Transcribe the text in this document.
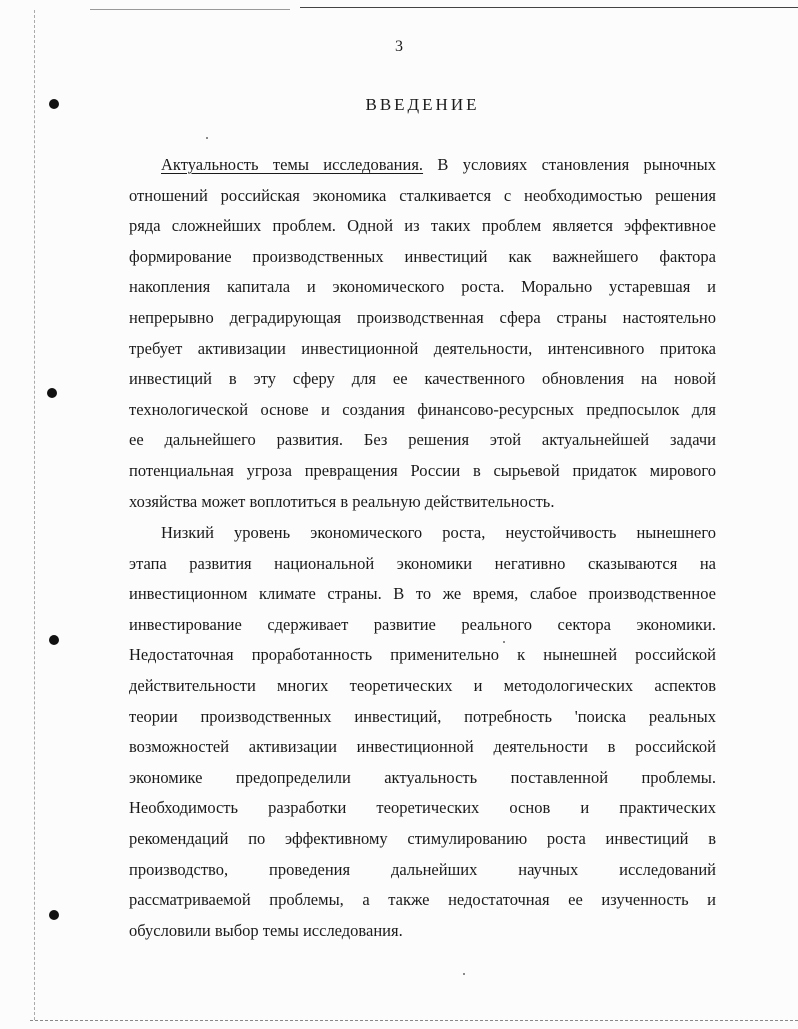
3
ВВЕДЕНИЕ
Актуальность темы исследования. В условиях становления рыночных
отношений российская экономика сталкивается с необходимостью решения
ряда сложнейших проблем. Одной из таких проблем является эффективное
формирование производственных инвестиций как важнейшего фактора
накопления капитала и экономического роста. Морально устаревшая и
непрерывно деградирующая производственная сфера страны настоятельно
требует активизации инвестиционной деятельности, интенсивного притока
инвестиций в эту сферу для ее качественного обновления на новой
технологической основе и создания финансово-ресурсных предпосылок для
ее дальнейшего развития. Без решения этой актуальнейшей задачи
потенциальная угроза превращения России в сырьевой придаток мирового
хозяйства может воплотиться в реальную действительность.
Низкий уровень экономического роста, неустойчивость нынешнего
этапа развития национальной экономики негативно сказываются на
инвестиционном климате страны. В то же время, слабое производственное
инвестирование сдерживает развитие реального сектора экономики.
Недостаточная проработанность применительно к нынешней российской
действительности многих теоретических и методологических аспектов
теории производственных инвестиций, потребность 'поиска реальных
возможностей активизации инвестиционной деятельности в российской
экономике предопределили актуальность поставленной проблемы.
Необходимость разработки теоретических основ и практических
рекомендаций по эффективному стимулированию роста инвестиций в
производство, проведения дальнейших научных исследований
рассматриваемой проблемы, а также недостаточная ее изученность и
обусловили выбор темы исследования.
